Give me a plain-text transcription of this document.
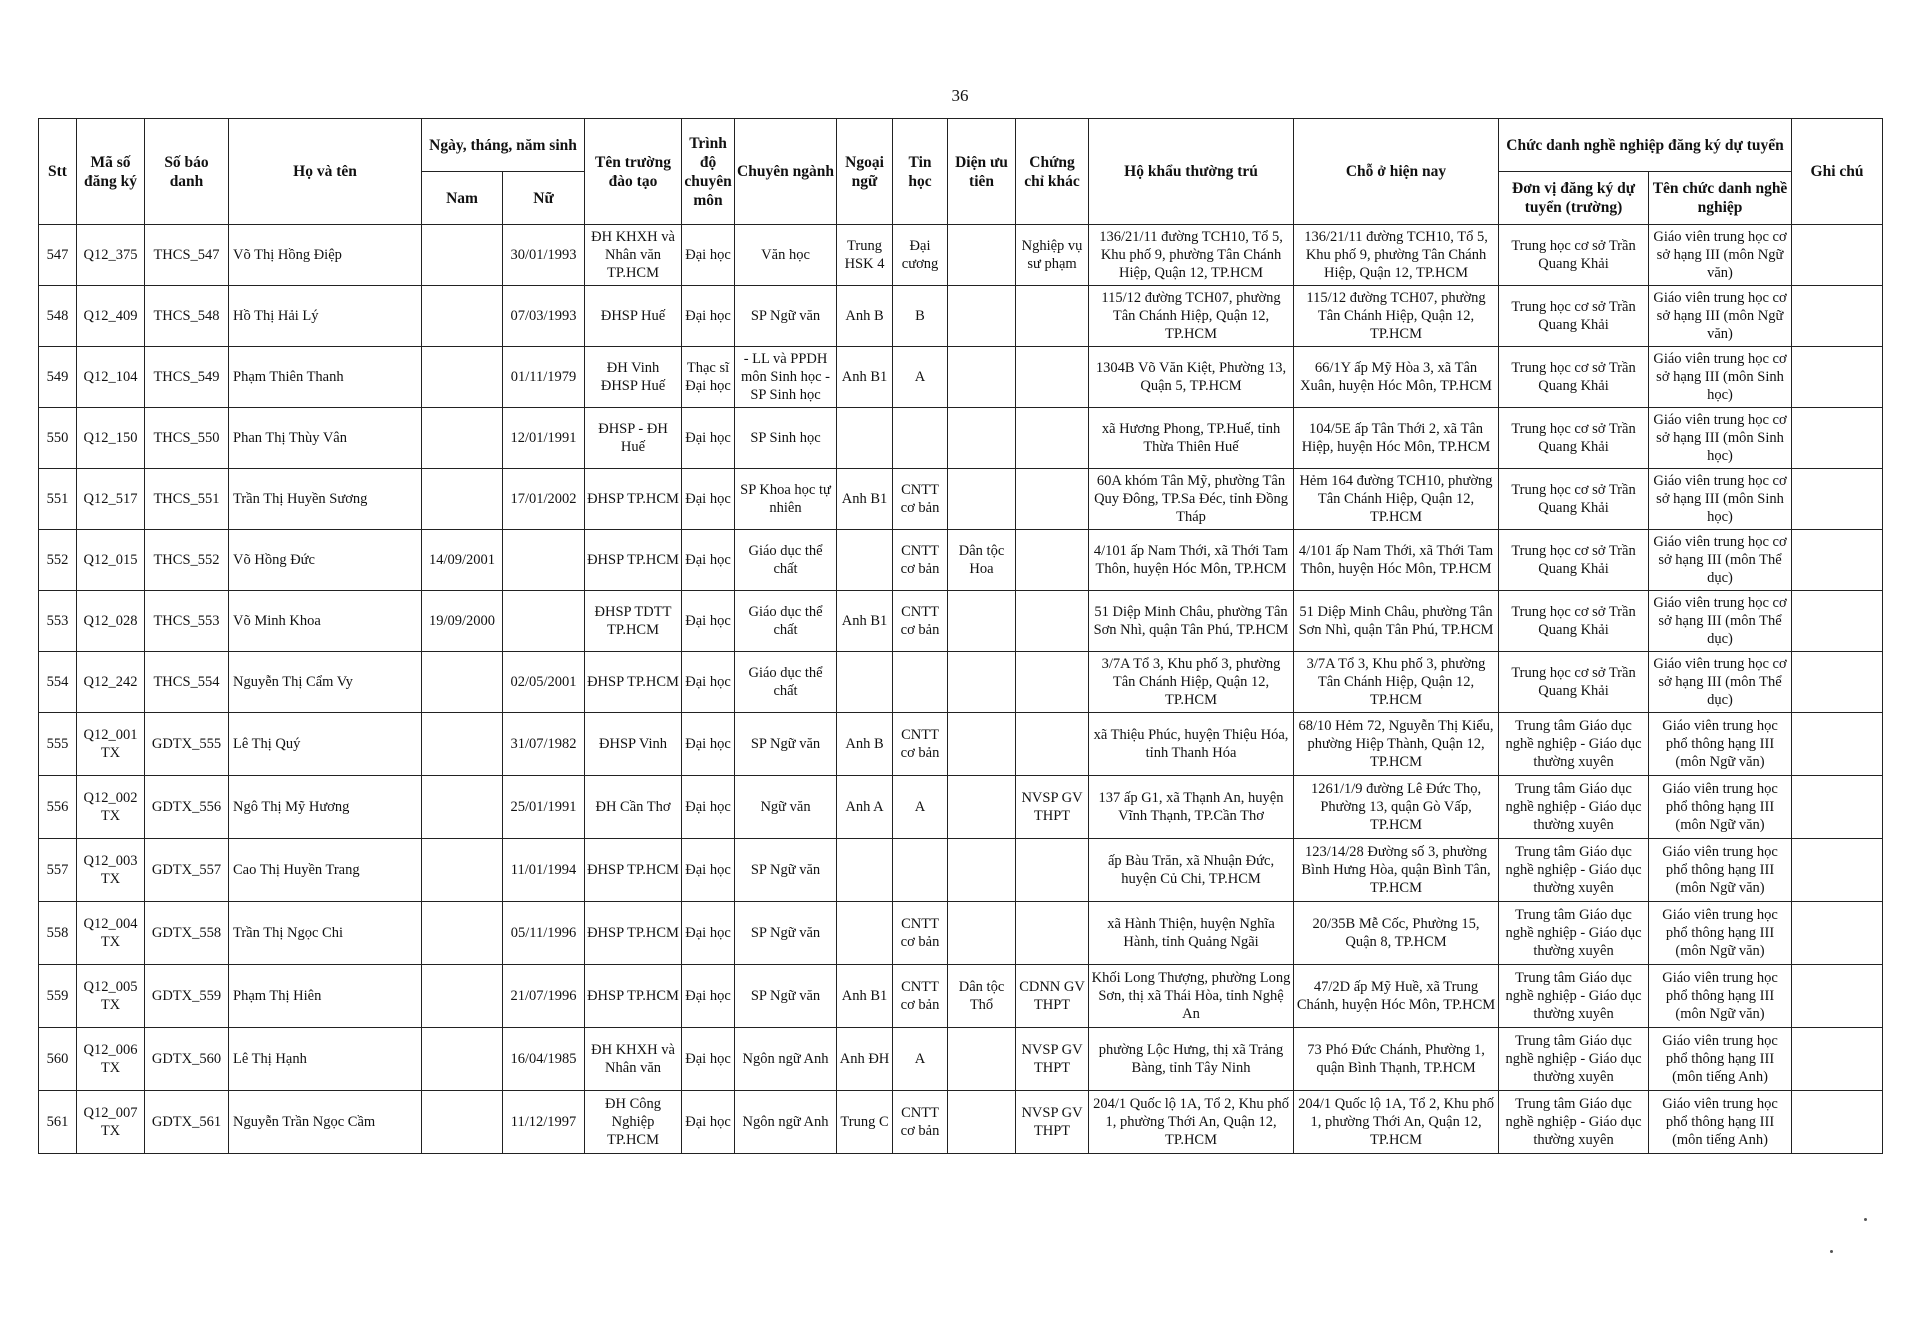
36
Stt	Mã số đăng ký	Số báo danh	Họ và tên	Ngày, tháng, năm sinh		Tên trường đào tạo	Trình độ chuyên môn	Chuyên ngành	Ngoại ngữ	Tin học	Diện ưu tiên	Chứng chỉ khác	Hộ khẩu thường trú	Chỗ ở hiện nay	Chức danh nghề nghiệp đăng ký dự tuyển		Ghi chú
				Nam	Nữ										Đơn vị đăng ký dự tuyển (trường)	Tên chức danh nghề nghiệp	
547	Q12_375	THCS_547	Võ Thị Hồng Điệp		30/01/1993	ĐH KHXH và Nhân văn TP.HCM	Đại học	Văn học	Trung HSK 4	Đại cương		Nghiệp vụ sư phạm	136/21/11 đường TCH10, Tổ 5, Khu phố 9, phường Tân Chánh Hiệp, Quận 12, TP.HCM	136/21/11 đường TCH10, Tổ 5, Khu phố 9, phường Tân Chánh Hiệp, Quận 12, TP.HCM	Trung học cơ sở Trần Quang Khải	Giáo viên trung học cơ sở hạng III (môn Ngữ văn)	
548	Q12_409	THCS_548	Hồ Thị Hải Lý		07/03/1993	ĐHSP Huế	Đại học	SP Ngữ văn	Anh B	B			115/12 đường TCH07, phường Tân Chánh Hiệp, Quận 12, TP.HCM	115/12 đường TCH07, phường Tân Chánh Hiệp, Quận 12, TP.HCM	Trung học cơ sở Trần Quang Khải	Giáo viên trung học cơ sở hạng III (môn Ngữ văn)	
549	Q12_104	THCS_549	Phạm Thiên Thanh		01/11/1979	ĐH Vinh ĐHSP Huế	Thạc sĩ Đại học	- LL và PPDH môn Sinh học - SP Sinh học	Anh B1	A			1304B Võ Văn Kiệt, Phường 13, Quận 5, TP.HCM	66/1Y ấp Mỹ Hòa 3, xã Tân Xuân, huyện Hóc Môn, TP.HCM	Trung học cơ sở Trần Quang Khải	Giáo viên trung học cơ sở hạng III (môn Sinh học)	
550	Q12_150	THCS_550	Phan Thị Thùy Vân		12/01/1991	ĐHSP - ĐH Huế	Đại học	SP Sinh học					xã Hương Phong, TP.Huế, tỉnh Thừa Thiên Huế	104/5E ấp Tân Thới 2, xã Tân Hiệp, huyện Hóc Môn, TP.HCM	Trung học cơ sở Trần Quang Khải	Giáo viên trung học cơ sở hạng III (môn Sinh học)	
551	Q12_517	THCS_551	Trần Thị Huyền Sương		17/01/2002	ĐHSP TP.HCM	Đại học	SP Khoa học tự nhiên	Anh B1	CNTT cơ bản			60A khóm Tân Mỹ, phường Tân Quy Đông, TP.Sa Đéc, tỉnh Đồng Tháp	Hẻm 164 đường TCH10, phường Tân Chánh Hiệp, Quận 12, TP.HCM	Trung học cơ sở Trần Quang Khải	Giáo viên trung học cơ sở hạng III (môn Sinh học)	
552	Q12_015	THCS_552	Võ Hồng Đức	14/09/2001		ĐHSP TP.HCM	Đại học	Giáo dục thể chất		CNTT cơ bản	Dân tộc Hoa		4/101 ấp Nam Thới, xã Thới Tam Thôn, huyện Hóc Môn, TP.HCM	4/101 ấp Nam Thới, xã Thới Tam Thôn, huyện Hóc Môn, TP.HCM	Trung học cơ sở Trần Quang Khải	Giáo viên trung học cơ sở hạng III (môn Thể dục)	
553	Q12_028	THCS_553	Võ Minh Khoa	19/09/2000		ĐHSP TDTT TP.HCM	Đại học	Giáo dục thể chất	Anh B1	CNTT cơ bản			51 Diệp Minh Châu, phường Tân Sơn Nhì, quận Tân Phú, TP.HCM	51 Diệp Minh Châu, phường Tân Sơn Nhì, quận Tân Phú, TP.HCM	Trung học cơ sở Trần Quang Khải	Giáo viên trung học cơ sở hạng III (môn Thể dục)	
554	Q12_242	THCS_554	Nguyễn Thị Cẩm Vy		02/05/2001	ĐHSP TP.HCM	Đại học	Giáo dục thể chất					3/7A Tổ 3, Khu phố 3, phường Tân Chánh Hiệp, Quận 12, TP.HCM	3/7A Tổ 3, Khu phố 3, phường Tân Chánh Hiệp, Quận 12, TP.HCM	Trung học cơ sở Trần Quang Khải	Giáo viên trung học cơ sở hạng III (môn Thể dục)	
555	Q12_001 TX	GDTX_555	Lê Thị Quý		31/07/1982	ĐHSP Vinh	Đại học	SP Ngữ văn	Anh B	CNTT cơ bản			xã Thiệu Phúc, huyện Thiệu Hóa, tỉnh Thanh Hóa	68/10 Hẻm 72, Nguyễn Thị Kiểu, phường Hiệp Thành, Quận 12, TP.HCM	Trung tâm Giáo dục nghề nghiệp - Giáo dục thường xuyên	Giáo viên trung học phổ thông hạng III (môn Ngữ văn)	
556	Q12_002 TX	GDTX_556	Ngô Thị Mỹ Hương		25/01/1991	ĐH Cần Thơ	Đại học	Ngữ văn	Anh A	A		NVSP GV THPT	137 ấp G1, xã Thạnh An, huyện Vĩnh Thạnh, TP.Cần Thơ	1261/1/9 đường Lê Đức Thọ, Phường 13, quận Gò Vấp, TP.HCM	Trung tâm Giáo dục nghề nghiệp - Giáo dục thường xuyên	Giáo viên trung học phổ thông hạng III (môn Ngữ văn)	
557	Q12_003 TX	GDTX_557	Cao Thị Huyền Trang		11/01/1994	ĐHSP TP.HCM	Đại học	SP Ngữ văn					ấp Bàu Trăn, xã Nhuận Đức, huyện Củ Chi, TP.HCM	123/14/28 Đường số 3, phường Bình Hưng Hòa, quận Bình Tân, TP.HCM	Trung tâm Giáo dục nghề nghiệp - Giáo dục thường xuyên	Giáo viên trung học phổ thông hạng III (môn Ngữ văn)	
558	Q12_004 TX	GDTX_558	Trần Thị Ngọc Chi		05/11/1996	ĐHSP TP.HCM	Đại học	SP Ngữ văn		CNTT cơ bản			xã Hành Thiện, huyện Nghĩa Hành, tỉnh Quảng Ngãi	20/35B Mễ Cốc, Phường 15, Quận 8, TP.HCM	Trung tâm Giáo dục nghề nghiệp - Giáo dục thường xuyên	Giáo viên trung học phổ thông hạng III (môn Ngữ văn)	
559	Q12_005 TX	GDTX_559	Phạm Thị Hiên		21/07/1996	ĐHSP TP.HCM	Đại học	SP Ngữ văn	Anh B1	CNTT cơ bản	Dân tộc Thổ	CDNN GV THPT	Khối Long Thượng, phường Long Sơn, thị xã Thái Hòa, tỉnh Nghệ An	47/2D ấp Mỹ Huề, xã Trung Chánh, huyện Hóc Môn, TP.HCM	Trung tâm Giáo dục nghề nghiệp - Giáo dục thường xuyên	Giáo viên trung học phổ thông hạng III (môn Ngữ văn)	
560	Q12_006 TX	GDTX_560	Lê Thị Hạnh		16/04/1985	ĐH KHXH và Nhân văn	Đại học	Ngôn ngữ Anh	Anh ĐH	A		NVSP GV THPT	phường Lộc Hưng, thị xã Trảng Bàng, tỉnh Tây Ninh	73 Phó Đức Chánh, Phường 1, quận Bình Thạnh, TP.HCM	Trung tâm Giáo dục nghề nghiệp - Giáo dục thường xuyên	Giáo viên trung học phổ thông hạng III (môn tiếng Anh)	
561	Q12_007 TX	GDTX_561	Nguyễn Trần Ngọc Cầm		11/12/1997	ĐH Công Nghiệp TP.HCM	Đại học	Ngôn ngữ Anh	Trung C	CNTT cơ bản		NVSP GV THPT	204/1 Quốc lộ 1A, Tổ 2, Khu phố 1, phường Thới An, Quận 12, TP.HCM	204/1 Quốc lộ 1A, Tổ 2, Khu phố 1, phường Thới An, Quận 12, TP.HCM	Trung tâm Giáo dục nghề nghiệp - Giáo dục thường xuyên	Giáo viên trung học phổ thông hạng III (môn tiếng Anh)	
